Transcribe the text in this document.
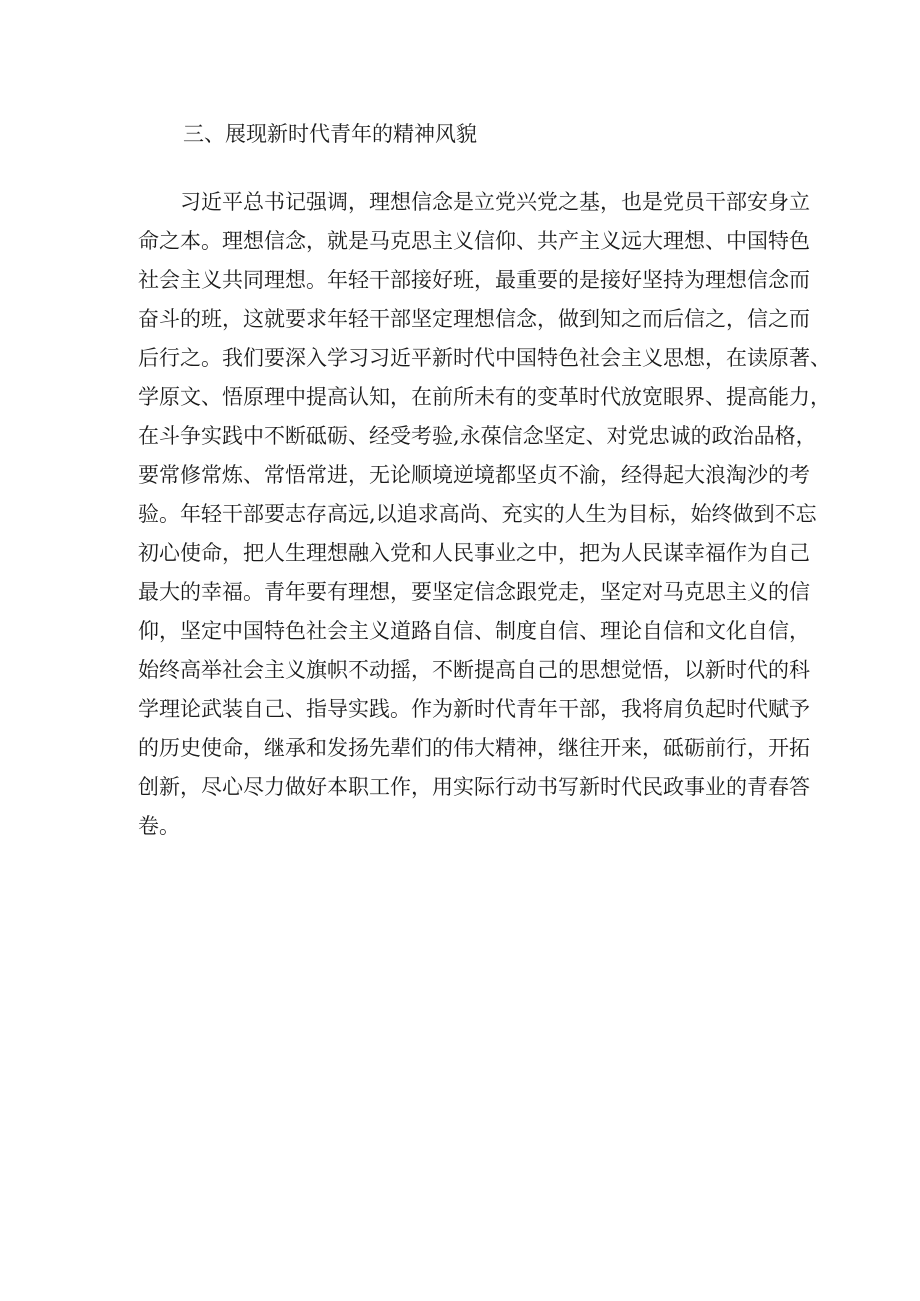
三、展现新时代青年的精神风貌
习近平总书记强调，理想信念是立党兴党之基，也是党员干部安身立
命之本。理想信念，就是马克思主义信仰、共产主义远大理想、中国特色
社会主义共同理想。年轻干部接好班，最重要的是接好坚持为理想信念而
奋斗的班，这就要求年轻干部坚定理想信念，做到知之而后信之，信之而
后行之。我们要深入学习习近平新时代中国特色社会主义思想，在读原著、
学原文、悟原理中提高认知，在前所未有的变革时代放宽眼界、提高能力，
在斗争实践中不断砥砺、经受考验,永葆信念坚定、对党忠诚的政治品格，
要常修常炼、常悟常进，无论顺境逆境都坚贞不渝，经得起大浪淘沙的考
验。年轻干部要志存高远,以追求高尚、充实的人生为目标，始终做到不忘
初心使命，把人生理想融入党和人民事业之中，把为人民谋幸福作为自己
最大的幸福。青年要有理想，要坚定信念跟党走，坚定对马克思主义的信
仰，坚定中国特色社会主义道路自信、制度自信、理论自信和文化自信，
始终高举社会主义旗帜不动摇，不断提高自己的思想觉悟，以新时代的科
学理论武装自己、指导实践。作为新时代青年干部，我将肩负起时代赋予
的历史使命，继承和发扬先辈们的伟大精神，继往开来，砥砺前行，开拓
创新，尽心尽力做好本职工作，用实际行动书写新时代民政事业的青春答
卷。
